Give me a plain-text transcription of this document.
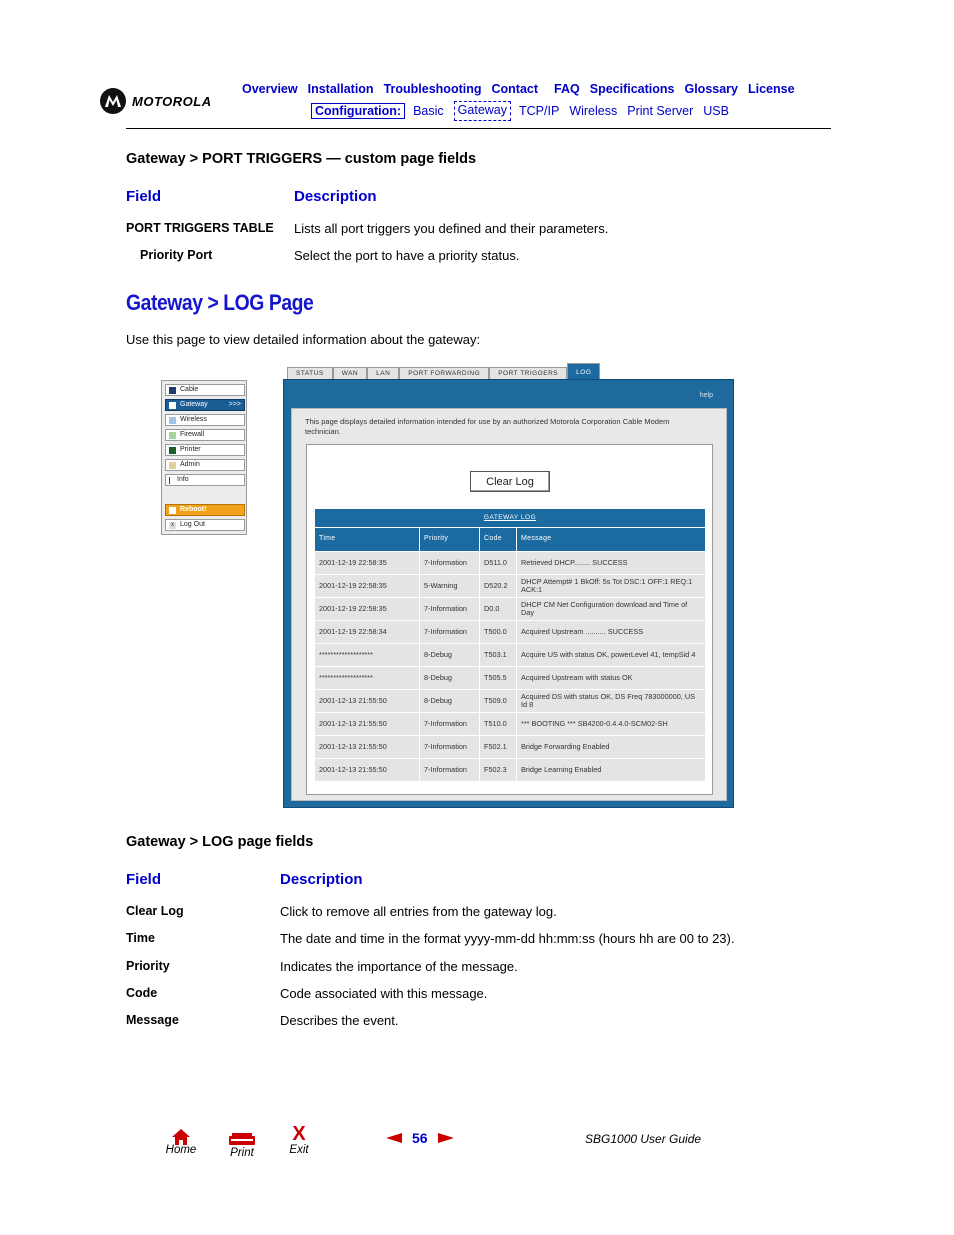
MOTOROLA
Overview Installation Troubleshooting Contact FAQ Specifications Glossary License
Configuration: Basic	Gateway TCP/IP Wireless Print Server USB
Gateway > PORT TRIGGERS — custom page fields
Field	Description
PORT TRIGGERS TABLE Lists all port triggers you defined and their parameters.
Priority Port	Select the port to have a priority status.
Gateway > LOG Page
Use this page to view detailed information about the gateway:
Cable
Gateway	>>>
Wireless
Firewall
Printer
Admin
Info
Reboot!
x Log Out
STATUS	WAN	LAN	PORT FORWARDING	PORT TRIGGERS	LOG
help
This page displays detailed information intended for use by an authorized Motorola Corporation Cable Modem technician.
Clear Log
GATEWAY LOG			
Time	Priority	Code	Message
2001-12-19 22:58:35	7-Information	D511.0	Retrieved DHCP........ SUCCESS
2001-12-19 22:58:35	5-Warning	D520.2	DHCP Attempt# 1 BkOff: 5s Tot DSC:1 OFF:1 REQ:1 ACK:1
2001-12-19 22:58:35	7-Information	D0.0	DHCP CM Net Configuration download and Time of Day
2001-12-19 22:58:34	7-Information	T500.0	Acquired Upstream .......... SUCCESS
*******************	8-Debug	T503.1	Acquire US with status OK, powerLevel 41, tempSid 4
*******************	8-Debug	T505.5	Acquired Upstream with status OK
2001-12-13 21:55:50	8-Debug	T509.0	Acquired DS with status OK, DS Freq 783000000, US Id 8
2001-12-13 21:55:50	7-Information	T510.0	*** BOOTING *** SB4200-0.4.4.0-SCM02-SH
2001-12-13 21:55:50	7-Information	F502.1	Bridge Forwarding Enabled
2001-12-13 21:55:50	7-Information	F502.3	Bridge Learning Enabled
Gateway > LOG page fields
Field	Description
Clear Log	Click to remove all entries from the gateway log.
Time	The date and time in the format yyyy-mm-dd hh:mm:ss (hours hh are 00 to 23).
Priority	Indicates the importance of the message.
Code	Code associated with this message.
Message	Describes the event.
Home	Print
X
Exit
56	SBG1000 User Guide
